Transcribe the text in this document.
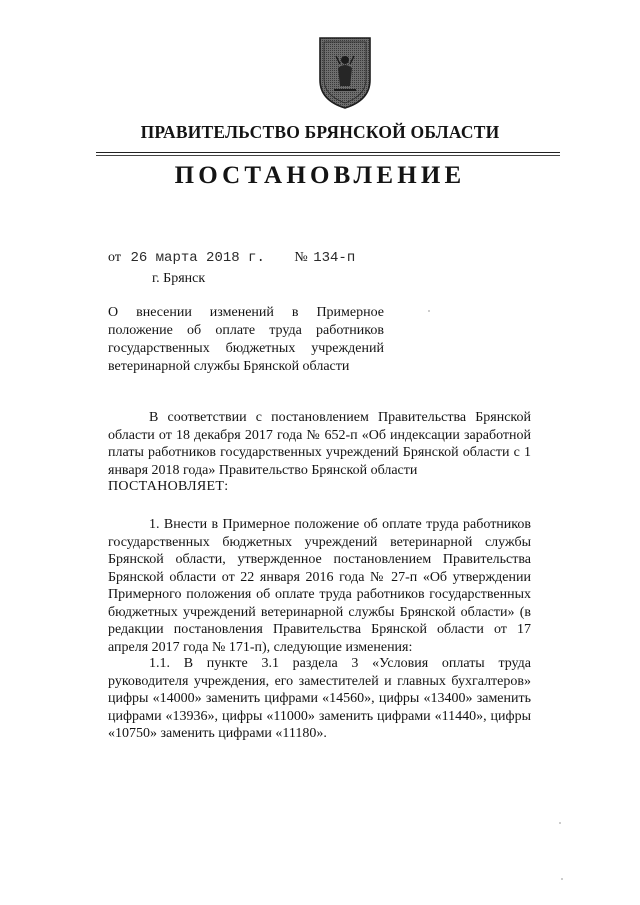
ПРАВИТЕЛЬСТВО БРЯНСКОЙ ОБЛАСТИ
ПОСТАНОВЛЕНИЕ
от 26 марта 2018 г. № 134-п
г. Брянск
О внесении изменений в Примерное положение об оплате труда работников государственных бюджетных учреждений ветеринарной службы Брянской области

В соответствии с постановлением Правительства Брянской области от 18 декабря 2017 года № 652-п «Об индексации заработной платы работников государственных учреждений Брянской области с 1 января 2018 года» Правительство Брянской области

ПОСТАНОВЛЯЕТ:

1. Внести в Примерное положение об оплате труда работников государственных бюджетных учреждений ветеринарной службы Брянской области, утвержденное постановлением Правительства Брянской области от 22 января 2016 года № 27-п «Об утверждении Примерного положения об оплате труда работников государственных бюджетных учреждений ветеринарной службы Брянской области» (в редакции постановления Правительства Брянской области от 17 апреля 2017 года № 171-п), следующие изменения:

1.1. В пункте 3.1 раздела 3 «Условия оплаты труда руководителя учреждения, его заместителей и главных бухгалтеров» цифры «14000» заменить цифрами «14560», цифры «13400» заменить цифрами «13936», цифры «11000» заменить цифрами «11440», цифры «10750» заменить цифрами «11180».
